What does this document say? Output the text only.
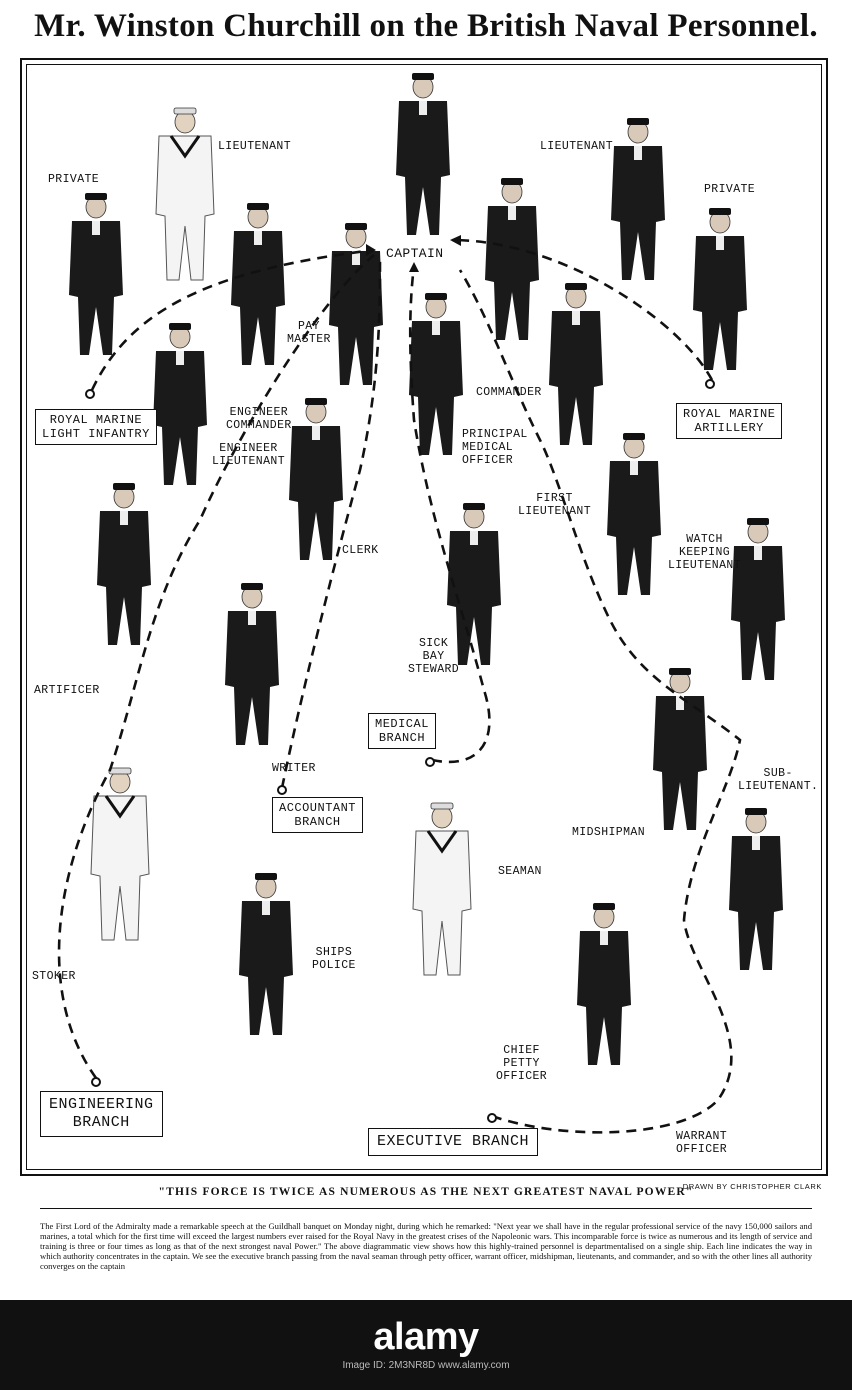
Mr. Winston Churchill on the British Naval Personnel.
CAPTAIN
PRIVATE
LIEUTENANT	LIEUTENANT
PRIVATE
PAY
MASTER
COMMANDER
ENGINEER
COMMANDER
ENGINEER
LIEUTENANT
PRINCIPAL
MEDICAL
OFFICER
FIRST
LIEUTENANT
WATCH
KEEPING
LIEUTENANT
CLERK
SICK
BAY
STEWARD
ARTIFICER
WRITER	SUB-
LIEUTENANT.
MIDSHIPMAN
SEAMAN
STOKER
SHIPS
POLICE
CHIEF
PETTY
OFFICER
WARRANT
OFFICER
ROYAL MARINE
LIGHT INFANTRY
ROYAL MARINE
ARTILLERY
MEDICAL
BRANCH
ACCOUNTANT
BRANCH
ENGINEERING
BRANCH
EXECUTIVE BRANCH
DRAWN BY CHRISTOPHER CLARK
"THIS FORCE IS TWICE AS NUMEROUS AS THE NEXT GREATEST NAVAL POWER"
The First Lord of the Admiralty made a remarkable speech at the Guildhall banquet on Monday night, during which he remarked: "Next year we shall have in the regular professional service of the navy 150,000 sailors and marines, a total which for the first time will exceed the largest numbers ever raised for the Royal Navy in the greatest crises of the Napoleonic wars. This incomparable force is twice as numerous and its length of service and training is three or four times as long as that of the next strongest naval Power." The above diagrammatic view shows how this highly-trained personnel is departmentalised on a single ship. Each line indicates the way in which authority concentrates in the captain. We see the executive branch passing from the naval seaman through petty officer, warrant officer, midshipman, lieutenants, and commander, and so with the other lines all authority converges on the captain
alamy
Image ID: 2M3NR8D www.alamy.com
